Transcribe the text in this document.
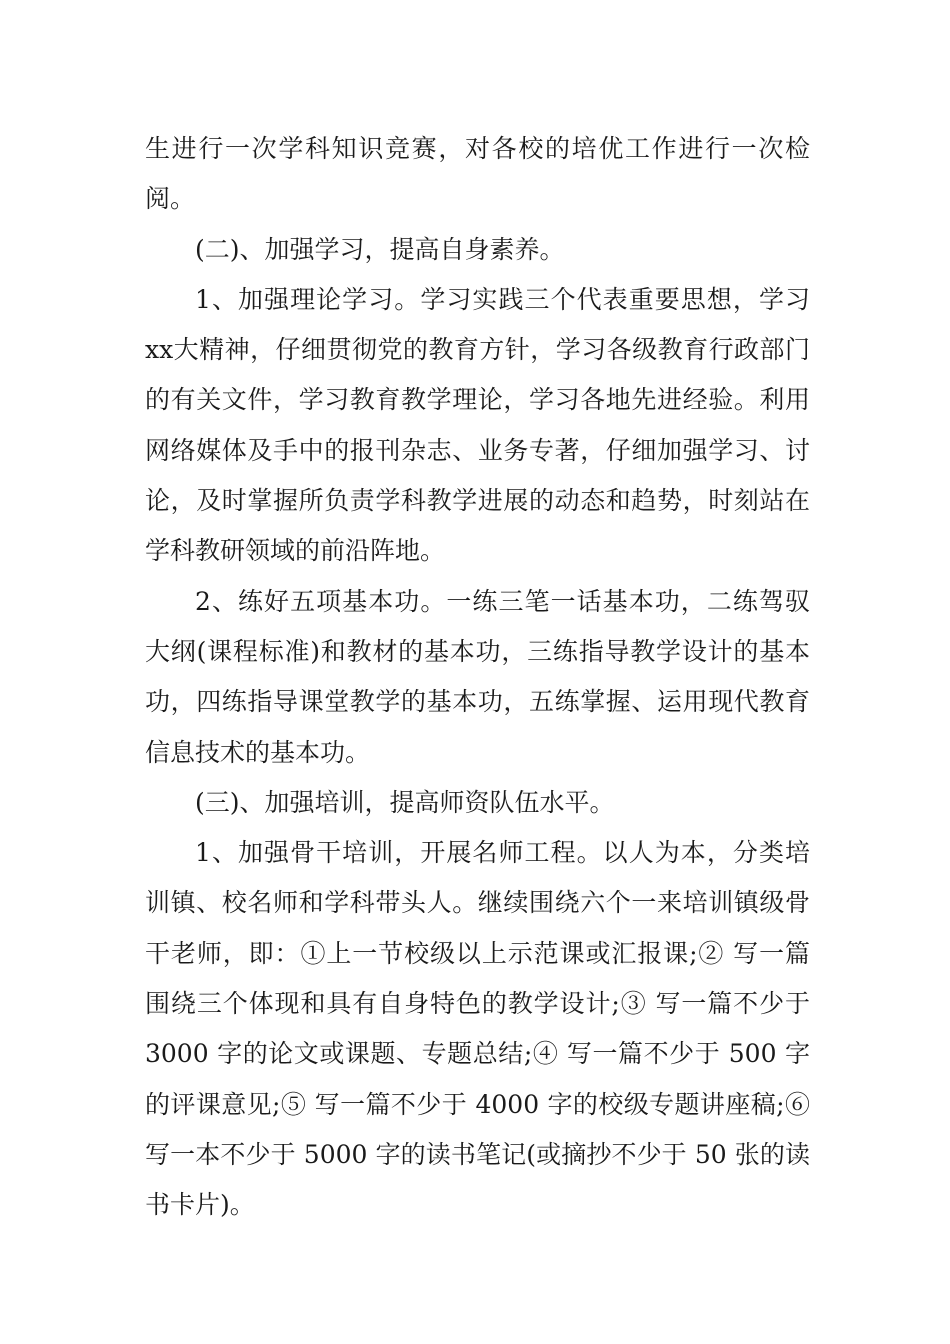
生进行一次学科知识竞赛，对各校的培优工作进行一次检阅。

(二)、加强学习，提高自身素养。

1、加强理论学习。学习实践三个代表重要思想，学习xx大精神，仔细贯彻党的教育方针，学习各级教育行政部门的有关文件，学习教育教学理论，学习各地先进经验。利用网络媒体及手中的报刊杂志、业务专著，仔细加强学习、讨论，及时掌握所负责学科教学进展的动态和趋势，时刻站在学科教研领域的前沿阵地。

2、练好五项基本功。一练三笔一话基本功，二练驾驭大纲(课程标准)和教材的基本功，三练指导教学设计的基本功，四练指导课堂教学的基本功，五练掌握、运用现代教育信息技术的基本功。

(三)、加强培训，提高师资队伍水平。

1、加强骨干培训，开展名师工程。以人为本，分类培训镇、校名师和学科带头人。继续围绕六个一来培训镇级骨干老师，即：①上一节校级以上示范课或汇报课;② 写一篇围绕三个体现和具有自身特色的教学设计;③ 写一篇不少于 3000 字的论文或课题、专题总结;④ 写一篇不少于 500 字的评课意见;⑤ 写一篇不少于 4000 字的校级专题讲座稿;⑥ 写一本不少于 5000 字的读书笔记(或摘抄不少于 50 张的读书卡片)。
